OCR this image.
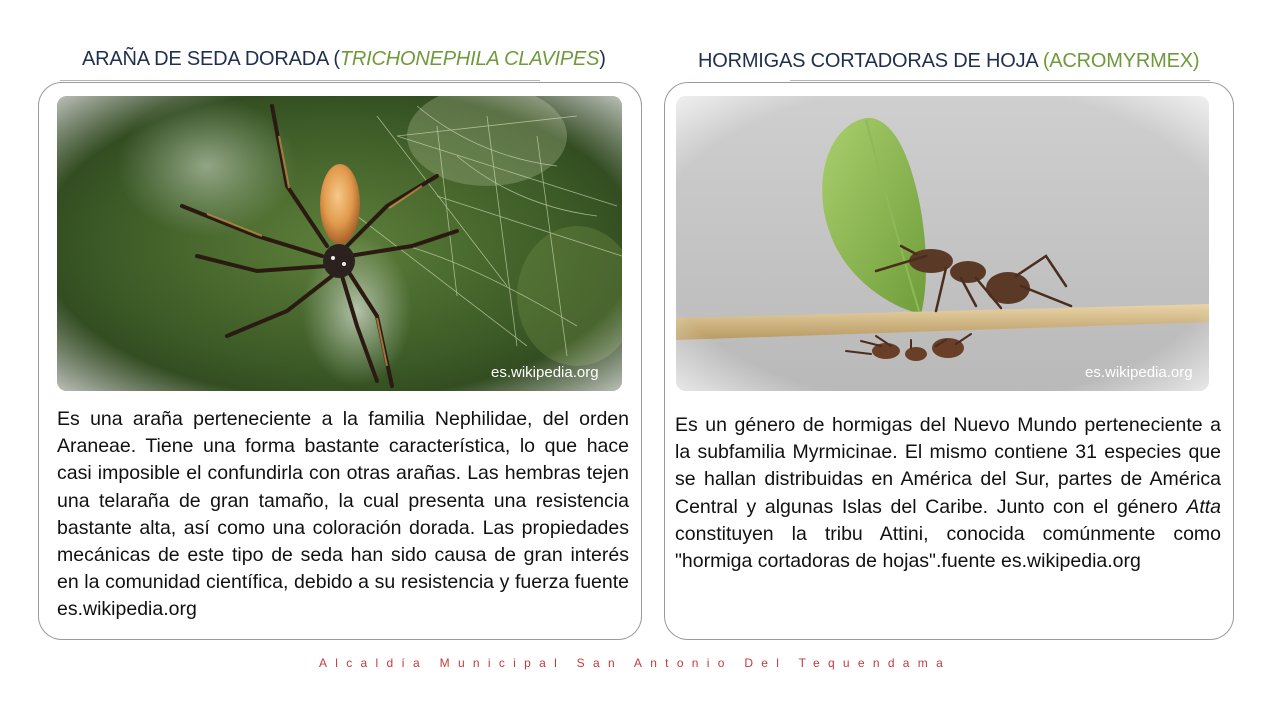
ARAÑA DE SEDA DORADA (TRICHONEPHILA CLAVIPES)	HORMIGAS CORTADORAS DE HOJA (ACROMYRMEX)
es.wikipedia.org

Es una araña perteneciente a la familia Nephilidae, del orden Araneae. Tiene una forma bastante característica, lo que hace casi imposible el confundirla con otras arañas. Las hembras tejen una telaraña de gran tamaño, la cual presenta una resistencia bastante alta, así como una coloración dorada. Las propiedades mecánicas de este tipo de seda han sido causa de gran interés en la comunidad científica, debido a su resistencia y fuerza fuente es.wikipedia.org

es.wikipedia.org

Es un género de hormigas del Nuevo Mundo perteneciente a la subfamilia Myrmicinae. El mismo contiene 31 especies que se hallan distribuidas en América del Sur, partes de América Central y algunas Islas del Caribe. Junto con el género Atta constituyen la tribu Attini, conocida comúnmente como "hormiga cortadoras de hojas".fuente es.wikipedia.org

Alcaldía Municipal San Antonio Del Tequendama
